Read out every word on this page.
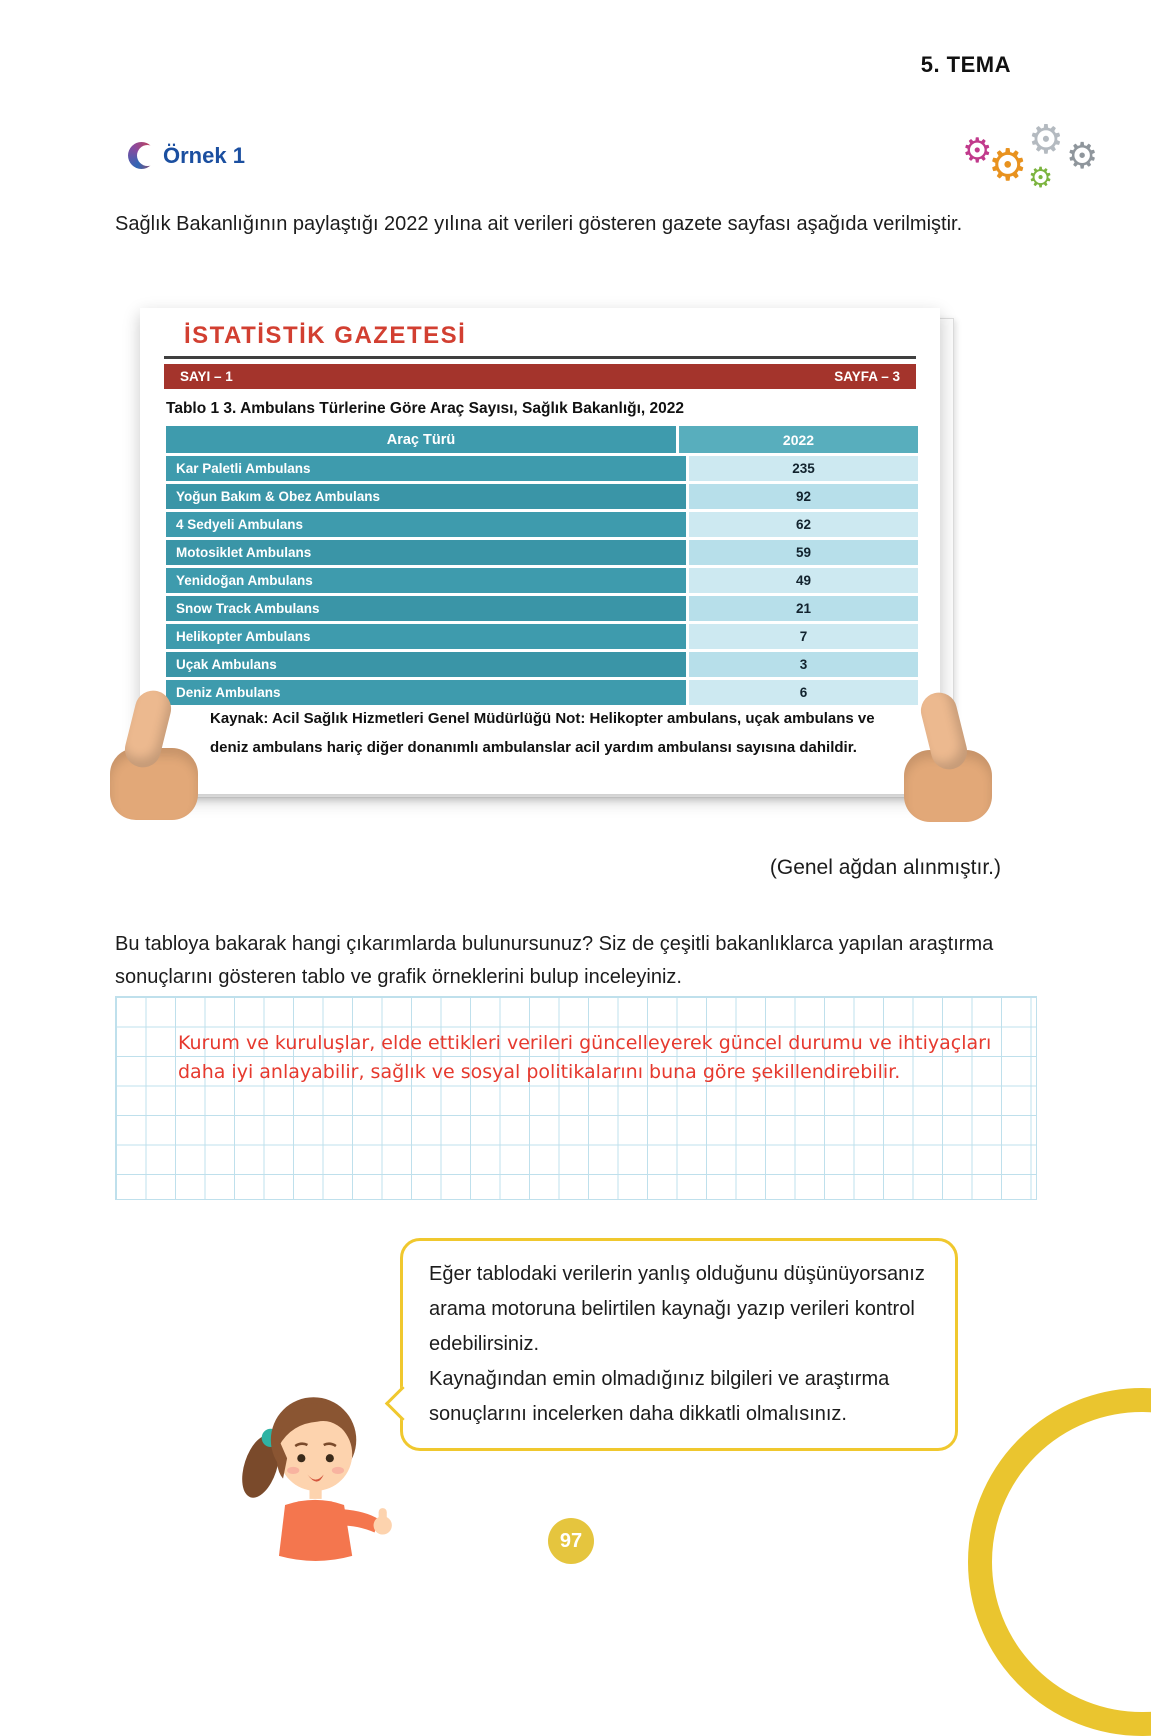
5. TEMA
Örnek 1	⚙
⚙ ⚙
⚙ ⚙

Sağlık Bakanlığının paylaştığı 2022 yılına ait verileri gösteren gazete sayfası aşağıda verilmiştir.

İSTATİSTİK GAZETESİ
SAYI – 1	SAYFA – 3
Tablo 1 3. Ambulans Türlerine Göre Araç Sayısı, Sağlık Bakanlığı, 2022
Araç Türü	2022
Kar Paletli Ambulans	235
Yoğun Bakım & Obez Ambulans	92
4 Sedyeli Ambulans	62
Motosiklet Ambulans	59
Yenidoğan Ambulans	49
Snow Track Ambulans	21
Helikopter Ambulans	7
Uçak Ambulans	3
Deniz Ambulans	6
Kaynak: Acil Sağlık Hizmetleri Genel Müdürlüğü Not: Helikopter ambulans, uçak ambulans ve deniz ambulans hariç diğer donanımlı ambulanslar acil yardım ambulansı sayısına dahildir.
(Genel ağdan alınmıştır.)

Bu tabloya bakarak hangi çıkarımlarda bulunursunuz? Siz de çeşitli bakanlıklarca yapılan araştırma sonuçlarını gösteren tablo ve grafik örneklerini bulup inceleyiniz.

Kurum ve kuruluşlar, elde ettikleri verileri güncelleyerek güncel durumu ve ihtiyaçları daha iyi anlayabilir, sağlık ve sosyal politikalarını buna göre şekillendirebilir.

Eğer tablodaki verilerin yanlış olduğunu düşünüyorsanız arama motoruna belirtilen kaynağı yazıp verileri kontrol edebilirsiniz.

Kaynağından emin olmadığınız bilgileri ve araştırma sonuçlarını incelerken daha dikkatli olmalısınız.

97
